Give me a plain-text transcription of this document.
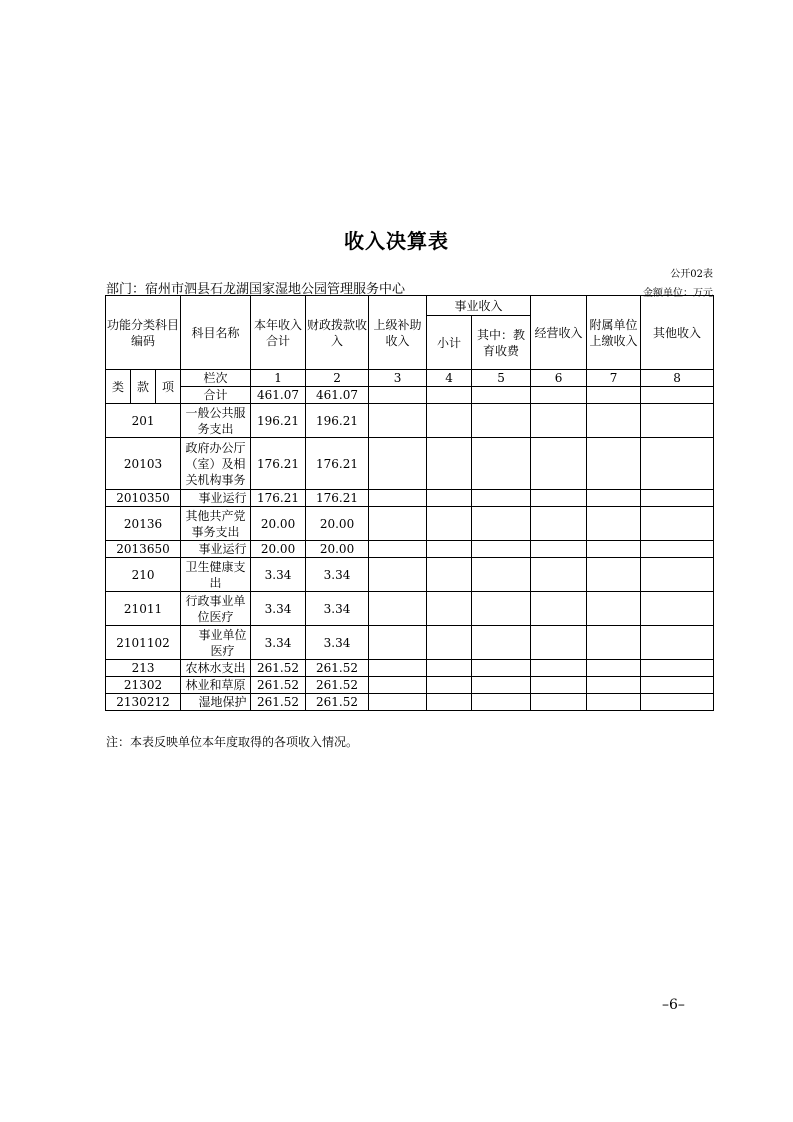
收入决算表
公开02表
部门：宿州市泗县石龙湖国家湿地公园管理服务中心	金额单位：万元
功能分类科目编码			科目名称	本年收入合计	财政拨款收入	上级补助收入	事业收入		经营收入	附属单位上缴收入	其他收入
							小计	其中：教育收费			
类	款	项	栏次	1	2	3	4	5	6	7	8
			合计	461.07	461.07						
201			一般公共服务支出	196.21	196.21						
20103			政府办公厅（室）及相关机构事务	176.21	176.21						
2010350			事业运行	176.21	176.21						
20136			其他共产党事务支出	20.00	20.00						
2013650			事业运行	20.00	20.00						
210			卫生健康支出	3.34	3.34						
21011			行政事业单位医疗	3.34	3.34						
2101102			事业单位医疗	3.34	3.34						
213			农林水支出	261.52	261.52						
21302			林业和草原	261.52	261.52						
2130212			湿地保护	261.52	261.52						
注：本表反映单位本年度取得的各项收入情况。
–6–
